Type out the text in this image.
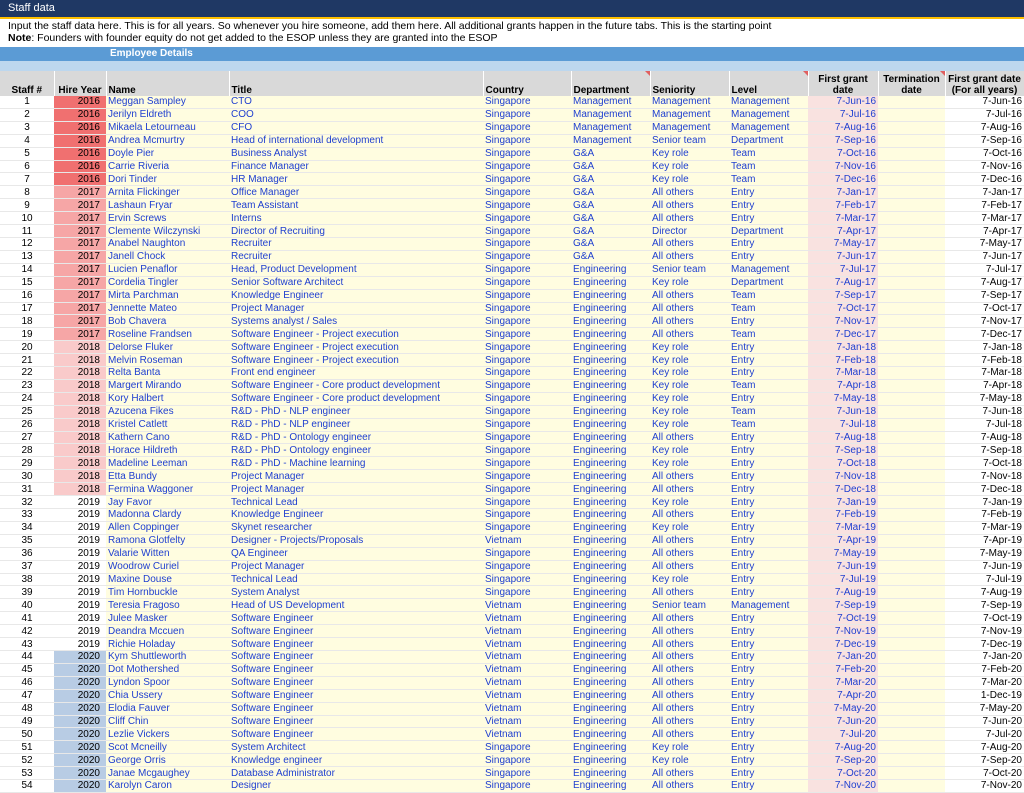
Staff data
Input the staff data here. This is for all years. So whenever you hire someone, add them here. All additional grants happen in the future tabs. This is the starting point
Note: Founders with founder equity do not get added to the ESOP unless they are granted into the ESOP
Employee Details
Staff #	Hire Year	Name	Title	Country	Department	Seniority	Level	First grant date	Termination date	First grant date (For all years)
1	2016	Meggan Sampley	CTO	Singapore	Management	Management	Management	7-Jun-16		7-Jun-16
2	2016	Jerilyn Eldreth	COO	Singapore	Management	Management	Management	7-Jul-16		7-Jul-16
3	2016	Mikaela Letourneau	CFO	Singapore	Management	Management	Management	7-Aug-16		7-Aug-16
4	2016	Andrea Mcmurtry	Head of international development	Singapore	Management	Senior team	Department	7-Sep-16		7-Sep-16
5	2016	Doyle Pier	Business Analyst	Singapore	G&A	Key role	Team	7-Oct-16		7-Oct-16
6	2016	Carrie Riveria	Finance Manager	Singapore	G&A	Key role	Team	7-Nov-16		7-Nov-16
7	2016	Dori Tinder	HR Manager	Singapore	G&A	Key role	Team	7-Dec-16		7-Dec-16
8	2017	Arnita Flickinger	Office Manager	Singapore	G&A	All others	Entry	7-Jan-17		7-Jan-17
9	2017	Lashaun Fryar	Team Assistant	Singapore	G&A	All others	Entry	7-Feb-17		7-Feb-17
10	2017	Ervin Screws	Interns	Singapore	G&A	All others	Entry	7-Mar-17		7-Mar-17
11	2017	Clemente Wilczynski	Director of Recruiting	Singapore	G&A	Director	Department	7-Apr-17		7-Apr-17
12	2017	Anabel Naughton	Recruiter	Singapore	G&A	All others	Entry	7-May-17		7-May-17
13	2017	Janell Chock	Recruiter	Singapore	G&A	All others	Entry	7-Jun-17		7-Jun-17
14	2017	Lucien Penaflor	Head, Product Development	Singapore	Engineering	Senior team	Management	7-Jul-17		7-Jul-17
15	2017	Cordelia Tingler	Senior Software Architect	Singapore	Engineering	Key role	Department	7-Aug-17		7-Aug-17
16	2017	Mirta Parchman	Knowledge Engineer	Singapore	Engineering	All others	Team	7-Sep-17		7-Sep-17
17	2017	Jennette Mateo	Project Manager	Singapore	Engineering	All others	Team	7-Oct-17		7-Oct-17
18	2017	Bob Chavera	Systems analyst / Sales	Singapore	Engineering	All others	Entry	7-Nov-17		7-Nov-17
19	2017	Roseline Frandsen	Software Engineer - Project execution	Singapore	Engineering	All others	Team	7-Dec-17		7-Dec-17
20	2018	Delorse Fluker	Software Engineer - Project execution	Singapore	Engineering	Key role	Entry	7-Jan-18		7-Jan-18
21	2018	Melvin Roseman	Software Engineer - Project execution	Singapore	Engineering	Key role	Entry	7-Feb-18		7-Feb-18
22	2018	Relta Banta	Front end engineer	Singapore	Engineering	Key role	Entry	7-Mar-18		7-Mar-18
23	2018	Margert Mirando	Software Engineer - Core product development	Singapore	Engineering	Key role	Team	7-Apr-18		7-Apr-18
24	2018	Kory Halbert	Software Engineer - Core product development	Singapore	Engineering	Key role	Entry	7-May-18		7-May-18
25	2018	Azucena Fikes	R&D - PhD - NLP engineer	Singapore	Engineering	Key role	Team	7-Jun-18		7-Jun-18
26	2018	Kristel Catlett	R&D - PhD - NLP engineer	Singapore	Engineering	Key role	Team	7-Jul-18		7-Jul-18
27	2018	Kathern Cano	R&D - PhD - Ontology engineer	Singapore	Engineering	All others	Entry	7-Aug-18		7-Aug-18
28	2018	Horace Hildreth	R&D - PhD - Ontology engineer	Singapore	Engineering	Key role	Entry	7-Sep-18		7-Sep-18
29	2018	Madeline Leeman	R&D - PhD - Machine learning	Singapore	Engineering	Key role	Entry	7-Oct-18		7-Oct-18
30	2018	Etta Bundy	Project Manager	Singapore	Engineering	All others	Entry	7-Nov-18		7-Nov-18
31	2018	Fermina Waggoner	Project Manager	Singapore	Engineering	All others	Entry	7-Dec-18		7-Dec-18
32	2019	Jay Favor	Technical Lead	Singapore	Engineering	Key role	Entry	7-Jan-19		7-Jan-19
33	2019	Madonna Clardy	Knowledge Engineer	Singapore	Engineering	All others	Entry	7-Feb-19		7-Feb-19
34	2019	Allen Coppinger	Skynet researcher	Singapore	Engineering	Key role	Entry	7-Mar-19		7-Mar-19
35	2019	Ramona Glotfelty	Designer - Projects/Proposals	Vietnam	Engineering	All others	Entry	7-Apr-19		7-Apr-19
36	2019	Valarie Witten	QA Engineer	Singapore	Engineering	All others	Entry	7-May-19		7-May-19
37	2019	Woodrow Curiel	Project Manager	Singapore	Engineering	All others	Entry	7-Jun-19		7-Jun-19
38	2019	Maxine Douse	Technical Lead	Singapore	Engineering	Key role	Entry	7-Jul-19		7-Jul-19
39	2019	Tim Hornbuckle	System Analyst	Singapore	Engineering	All others	Entry	7-Aug-19		7-Aug-19
40	2019	Teresia Fragoso	Head of US Development	Vietnam	Engineering	Senior team	Management	7-Sep-19		7-Sep-19
41	2019	Julee Masker	Software Engineer	Vietnam	Engineering	All others	Entry	7-Oct-19		7-Oct-19
42	2019	Deandra Mccuen	Software Engineer	Vietnam	Engineering	All others	Entry	7-Nov-19		7-Nov-19
43	2019	Richie Holaday	Software Engineer	Vietnam	Engineering	All others	Entry	7-Dec-19		7-Dec-19
44	2020	Kym Shuttleworth	Software Engineer	Vietnam	Engineering	All others	Entry	7-Jan-20		7-Jan-20
45	2020	Dot Mothershed	Software Engineer	Vietnam	Engineering	All others	Entry	7-Feb-20		7-Feb-20
46	2020	Lyndon Spoor	Software Engineer	Vietnam	Engineering	All others	Entry	7-Mar-20		7-Mar-20
47	2020	Chia Ussery	Software Engineer	Vietnam	Engineering	All others	Entry	7-Apr-20		1-Dec-19
48	2020	Elodia Fauver	Software Engineer	Vietnam	Engineering	All others	Entry	7-May-20		7-May-20
49	2020	Cliff Chin	Software Engineer	Vietnam	Engineering	All others	Entry	7-Jun-20		7-Jun-20
50	2020	Lezlie Vickers	Software Engineer	Vietnam	Engineering	All others	Entry	7-Jul-20		7-Jul-20
51	2020	Scot Mcneilly	System Architect	Singapore	Engineering	Key role	Entry	7-Aug-20		7-Aug-20
52	2020	George Orris	Knowledge engineer	Singapore	Engineering	Key role	Entry	7-Sep-20		7-Sep-20
53	2020	Janae Mcgaughey	Database Administrator	Singapore	Engineering	All others	Entry	7-Oct-20		7-Oct-20
54	2020	Karolyn Caron	Designer	Singapore	Engineering	All others	Entry	7-Nov-20		7-Nov-20
